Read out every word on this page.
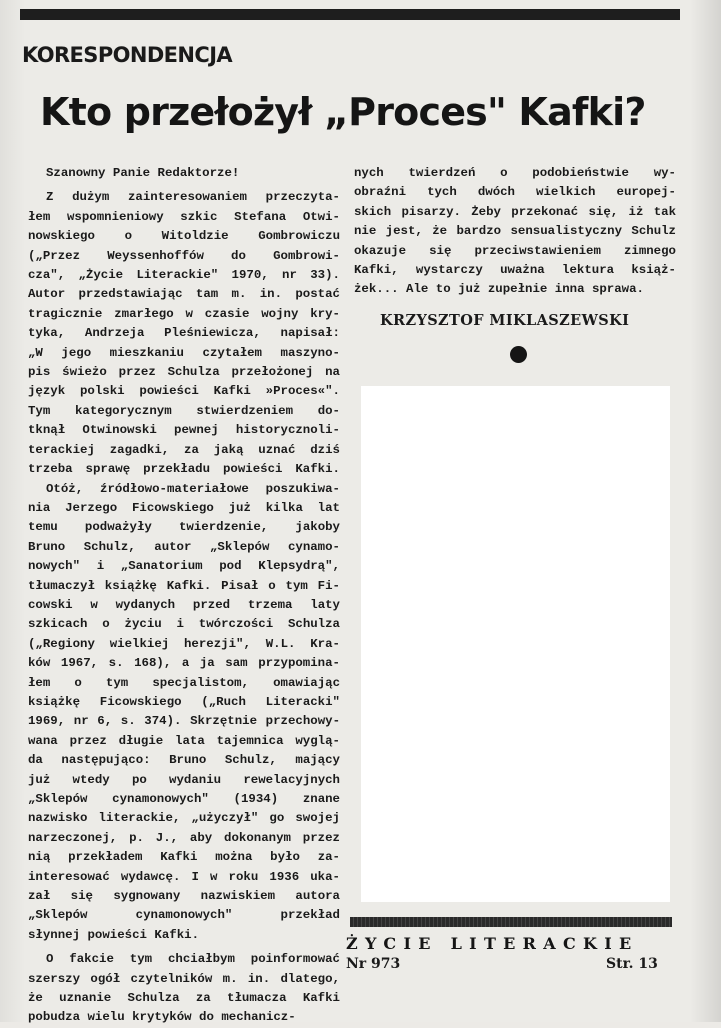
KORESPONDENCJA
Kto przełożył „Proces" Kafki?
Szanowny Panie Redaktorze!
Z dużym zainteresowaniem przeczyta-
łem wspomnieniowy szkic Stefana Otwi-
nowskiego o Witoldzie Gombrowiczu
(„Przez Weyssenhoffów do Gombrowi-
cza", „Życie Literackie" 1970, nr 33).
Autor przedstawiając tam m. in. postać
tragicznie zmarłego w czasie wojny kry-
tyka, Andrzeja Pleśniewicza, napisał:
„W jego mieszkaniu czytałem maszyno-
pis świeżo przez Schulza przełożonej na
język polski powieści Kafki »Proces«".
Tym kategorycznym stwierdzeniem do-
tknął Otwinowski pewnej historycznoli-
terackiej zagadki, za jaką uznać dziś
trzeba sprawę przekładu powieści Kafki.
Otóż, źródłowo-materiałowe poszukiwa-
nia Jerzego Ficowskiego już kilka lat
temu podważyły twierdzenie, jakoby
Bruno Schulz, autor „Sklepów cynamo-
nowych" i „Sanatorium pod Klepsydrą",
tłumaczył książkę Kafki. Pisał o tym Fi-
cowski w wydanych przed trzema laty
szkicach o życiu i twórczości Schulza
(„Regiony wielkiej herezji", W.L. Kra-
ków 1967, s. 168), a ja sam przypomina-
łem o tym specjalistom, omawiając
książkę Ficowskiego („Ruch Literacki"
1969, nr 6, s. 374). Skrzętnie przechowy-
wana przez długie lata tajemnica wyglą-
da następująco: Bruno Schulz, mający
już wtedy po wydaniu rewelacyjnych
„Sklepów cynamonowych" (1934) znane
nazwisko literackie, „użyczył" go swojej
narzeczonej, p. J., aby dokonanym przez
nią przekładem Kafki można było za-
interesować wydawcę. I w roku 1936 uka-
zał się sygnowany nazwiskiem autora
„Sklepów cynamonowych" przekład
słynnej powieści Kafki.
O fakcie tym chciałbym poinformować
szerszy ogół czytelników m. in. dlatego,
że uznanie Schulza za tłumacza Kafki
pobudza wielu krytyków do mechanicz-
nych twierdzeń o podobieństwie wy-
obraźni tych dwóch wielkich europej-
skich pisarzy. Żeby przekonać się, iż tak
nie jest, że bardzo sensualistyczny Schulz
okazuje się przeciwstawieniem zimnego
Kafki, wystarczy uważna lektura książ-
żek... Ale to już zupełnie inna sprawa.
KRZYSZTOF MIKLASZEWSKI
ŻYCIE LITERACKIE
Nr 973	Str. 13
